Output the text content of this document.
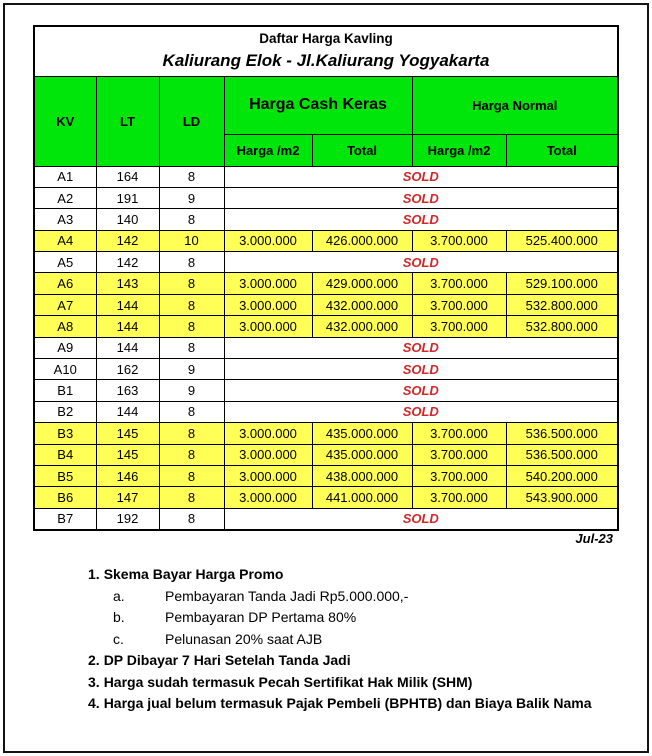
Daftar Harga Kavling
Kaliurang Elok - Jl.Kaliurang Yogyakarta						

KV	LT	LD	Harga Cash Keras		Harga Normal	
			Harga /m2	Total	Harga /m2	Total
A1	164	8	SOLD			
A2	191	9	SOLD			
A3	140	8	SOLD			
A4	142	10	3.000.000	426.000.000	3.700.000	525.400.000
A5	142	8	SOLD			
A6	143	8	3.000.000	429.000.000	3.700.000	529.100.000
A7	144	8	3.000.000	432.000.000	3.700.000	532.800.000
A8	144	8	3.000.000	432.000.000	3.700.000	532.800.000
A9	144	8	SOLD			
A10	162	9	SOLD			
B1	163	9	SOLD			
B2	144	8	SOLD			
B3	145	8	3.000.000	435.000.000	3.700.000	536.500.000
B4	145	8	3.000.000	435.000.000	3.700.000	536.500.000
B5	146	8	3.000.000	438.000.000	3.700.000	540.200.000
B6	147	8	3.000.000	441.000.000	3.700.000	543.900.000
B7	192	8	SOLD			
Jul-23
1. Skema Bayar Harga Promo
a.	Pembayaran Tanda Jadi Rp5.000.000,-
b.	Pembayaran DP Pertama 80%
c.	Pelunasan 20% saat AJB
2. DP Dibayar 7 Hari Setelah Tanda Jadi
3. Harga sudah termasuk Pecah Sertifikat Hak Milik (SHM)
4. Harga jual belum termasuk Pajak Pembeli (BPHTB) dan Biaya Balik Nama
